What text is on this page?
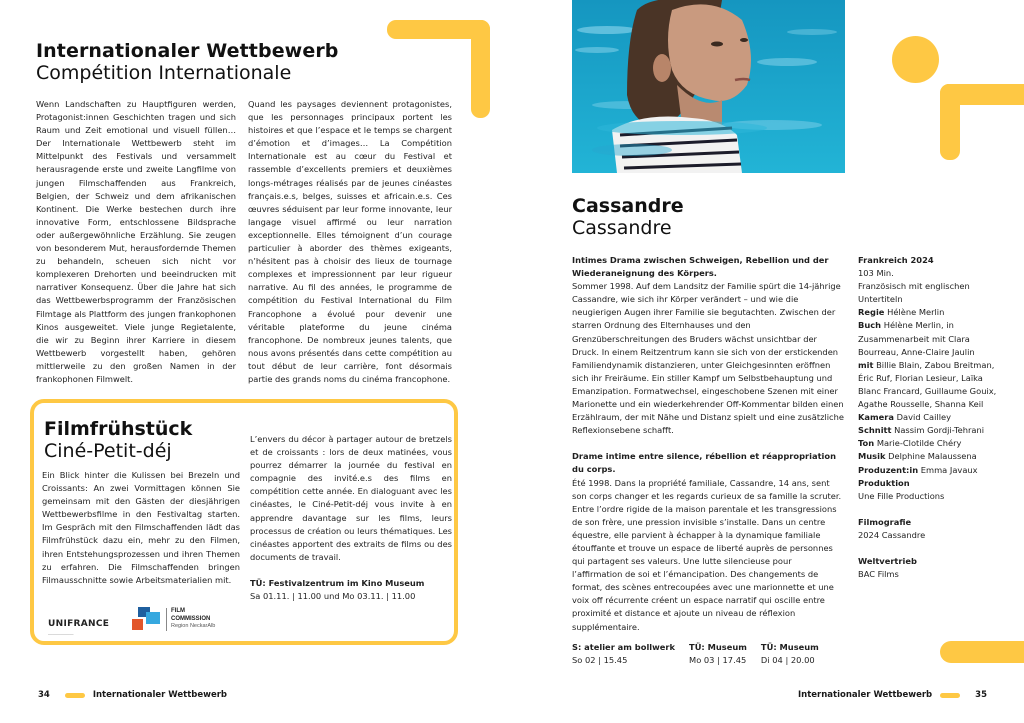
Internationaler Wettbewerb
Compétition Internationale

Wenn Landschaften zu Hauptfiguren werden, Protagonist:innen Geschichten tragen und sich Raum und Zeit emotional und visuell füllen… Der Internationale Wettbewerb steht im Mittelpunkt des Festivals und versammelt herausragende erste und zweite Langfilme von jungen Filmschaffenden aus Frankreich, Belgien, der Schweiz und dem afrikanischen Kontinent. Die Werke bestechen durch ihre innovative Form, entschlossene Bildsprache oder außergewöhnliche Erzählung. Sie zeugen von besonderem Mut, herausfordernde Themen zu behandeln, scheuen sich nicht vor komplexeren Drehorten und beeindrucken mit narrativer Konsequenz. Über die Jahre hat sich das Wettbewerbsprogramm der Französischen Filmtage als Plattform des jungen frankophonen Kinos ausgeweitet. Viele junge Regietalente, die wir zu Beginn ihrer Karriere in diesem Wettbewerb vorgestellt haben, gehören mittlerweile zu den großen Namen in der frankophonen Filmwelt.

Quand les paysages deviennent protagonistes, que les personnages principaux portent les histoires et que l’espace et le temps se chargent d’émotion et d’images… La Compétition Internationale est au cœur du Festival et rassemble d’excellents premiers et deuxièmes longs-métrages réalisés par de jeunes cinéastes français.e.s, belges, suisses et africain.e.s. Ces œuvres séduisent par leur forme innovante, leur langage visuel affirmé ou leur narration exceptionnelle. Elles témoignent d’un courage particulier à aborder des thèmes exigeants, n’hésitent pas à choisir des lieux de tournage complexes et impressionnent par leur rigueur narrative. Au fil des années, le programme de compétition du Festival International du Film Francophone a évolué pour devenir une véritable plateforme du jeune cinéma francophone. De nombreux jeunes talents, que nous avons présentés dans cette compétition au tout début de leur carrière, font désormais partie des grands noms du cinéma francophone.

Filmfrühstück
Ciné-Petit-déj

Ein Blick hinter die Kulissen bei Brezeln und Croissants: An zwei Vormittagen können Sie gemeinsam mit den Gästen der diesjährigen Wettbewerbsfilme in den Festivaltag starten. Im Gespräch mit den Filmschaffenden lädt das Filmfrühstück dazu ein, mehr zu den Filmen, ihren Entstehungsprozessen und ihren Themen zu erfahren. Die Filmschaffenden bringen Filmausschnitte sowie Arbeitsmaterialien mit.

L’envers du décor à partager autour de bretzels et de croissants : lors de deux matinées, vous pourrez démarrer la journée du festival en compagnie des invité.e.s des films en compétition cette année. En dialoguant avec les cinéastes, le Ciné-Petit-déj vous invite à en apprendre davantage sur les films, leurs processus de création ou leurs thématiques. Les cinéastes apportent des extraits de films ou des documents de travail.

TÜ: Festivalzentrum im Kino Museum
Sa 01.11. | 11.00 und Mo 03.11. | 11.00
UNIFRANCE
────────────
FILM
COMMISSION
Region NeckarAlb
34	Internationaler Wettbewerb
Cassandre
Cassandre
Intimes Drama zwischen Schweigen, Rebellion und der Wiederaneignung des Körpers.
Sommer 1998. Auf dem Landsitz der Familie spürt die 14-jährige Cassandre, wie sich ihr Körper verändert – und wie die neugierigen Augen ihrer Familie sie begutachten. Zwischen der starren Ordnung des Elternhauses und den Grenzüberschreitungen des Bruders wächst unsichtbar der Druck. In einem Reitzentrum kann sie sich von der erstickenden Familiendynamik distanzieren, unter Gleichgesinnten eröffnen sich ihr Freiräume. Ein stiller Kampf um Selbstbehauptung und Emanzipation. Formatwechsel, eingeschobene Szenen mit einer Marionette und ein wiederkehrender Off-Kommentar bilden einen Erzählraum, der mit Nähe und Distanz spielt und eine zusätzliche Reflexionsebene schafft.
Drame intime entre silence, rébellion et réappropriation du corps.
Été 1998. Dans la propriété familiale, Cassandre, 14 ans, sent son corps changer et les regards curieux de sa famille la scruter. Entre l’ordre rigide de la maison parentale et les transgressions de son frère, une pression invisible s’installe. Dans un centre équestre, elle parvient à échapper à la dynamique familiale étouffante et trouve un espace de liberté auprès de personnes qui partagent ses valeurs. Une lutte silencieuse pour l’affirmation de soi et l’émancipation. Des changements de format, des scènes entrecoupées avec une marionnette et une voix off récurrente créent un espace narratif qui oscille entre proximité et distance et ajoute un niveau de réflexion supplémentaire.
Frankreich 2024
103 Min.
Französisch mit englischen Untertiteln
Regie Hélène Merlin
Buch Hélène Merlin, in Zusammenarbeit mit Clara Bourreau, Anne-Claire Jaulin
mit Billie Blain, Zabou Breitman, Éric Ruf, Florian Lesieur, Laïka Blanc Francard, Guillaume Gouix, Agathe Rousselle, Shanna Keil
Kamera David Cailley
Schnitt Nassim Gordji-Tehrani
Ton Marie-Clotilde Chéry
Musik Delphine Malaussena
Produzent:in Emma Javaux
Produktion
Une Fille Productions
Filmografie
2024 Cassandre
Weltvertrieb
BAC Films
S: atelier am bollwerk
So 02 | 15.45
TÜ: Museum
Mo 03 | 17.45
TÜ: Museum
Di 04 | 20.00
Internationaler Wettbewerb	35
